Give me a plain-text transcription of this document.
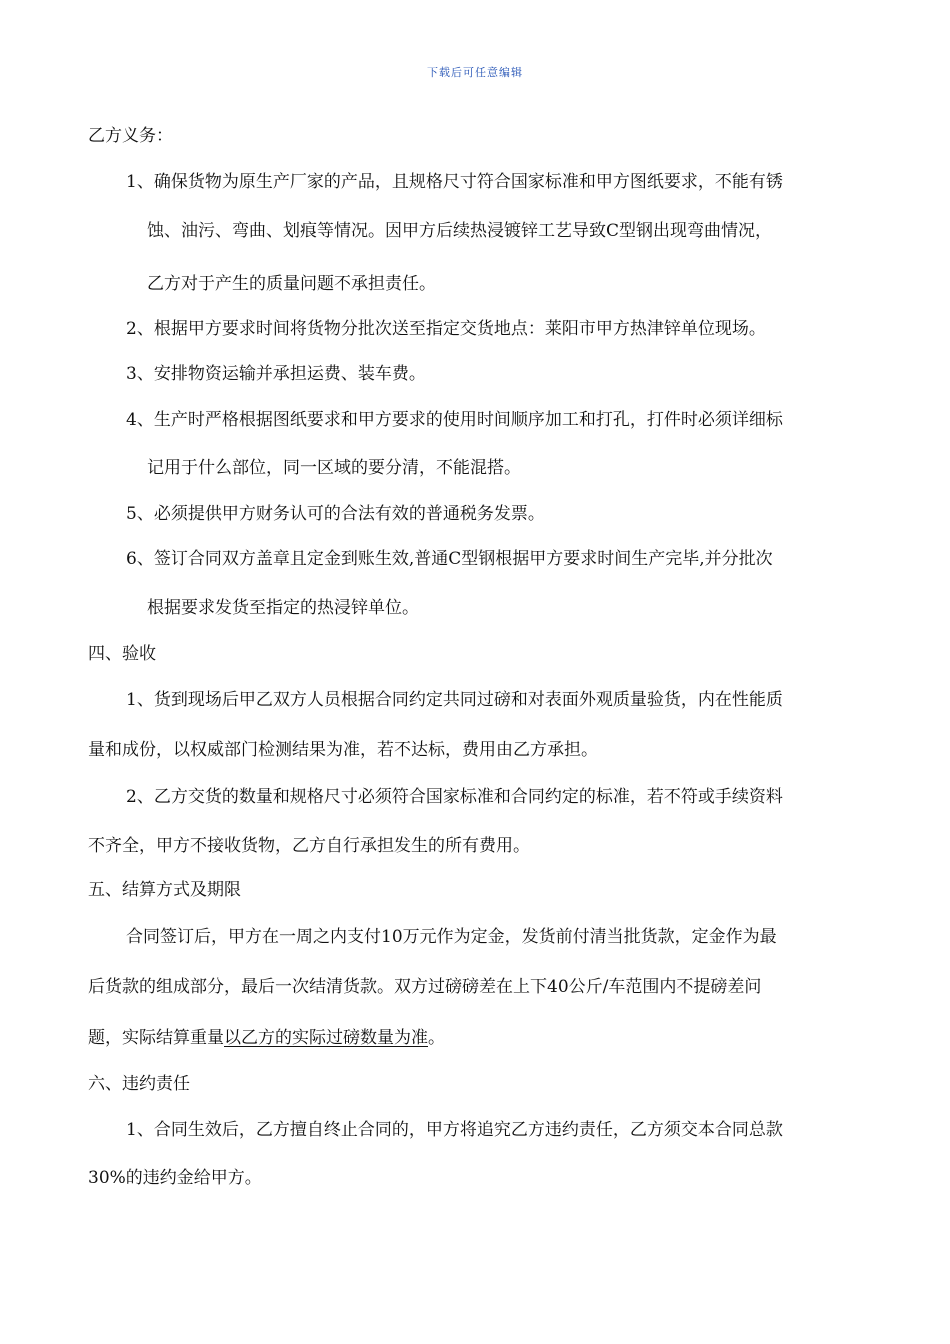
下载后可任意编辑
乙方义务：
1、确保货物为原生产厂家的产品，且规格尺寸符合国家标准和甲方图纸要求，不能有锈
蚀、油污、弯曲、划痕等情况。因甲方后续热浸镀锌工艺导致C型钢出现弯曲情况，
乙方对于产生的质量问题不承担责任。
2、根据甲方要求时间将货物分批次送至指定交货地点：莱阳市甲方热津锌单位现场。
3、安排物资运输并承担运费、装车费。
4、生产时严格根据图纸要求和甲方要求的使用时间顺序加工和打孔，打件时必须详细标
记用于什么部位，同一区域的要分清，不能混搭。
5、必须提供甲方财务认可的合法有效的普通税务发票。
6、签订合同双方盖章且定金到账生效,普通C型钢根据甲方要求时间生产完毕,并分批次
根据要求发货至指定的热浸锌单位。
四、验收
1、货到现场后甲乙双方人员根据合同约定共同过磅和对表面外观质量验货，内在性能质
量和成份，以权威部门检测结果为准，若不达标，费用由乙方承担。
2、乙方交货的数量和规格尺寸必须符合国家标准和合同约定的标准，若不符或手续资料
不齐全，甲方不接收货物，乙方自行承担发生的所有费用。
五、结算方式及期限
合同签订后，甲方在一周之内支付10万元作为定金，发货前付清当批货款，定金作为最
后货款的组成部分，最后一次结清货款。双方过磅磅差在上下40公斤/车范围内不提磅差问
题，实际结算重量以乙方的实际过磅数量为准。
六、违约责任
1、合同生效后，乙方擅自终止合同的，甲方将追究乙方违约责任，乙方须交本合同总款
30%的违约金给甲方。
